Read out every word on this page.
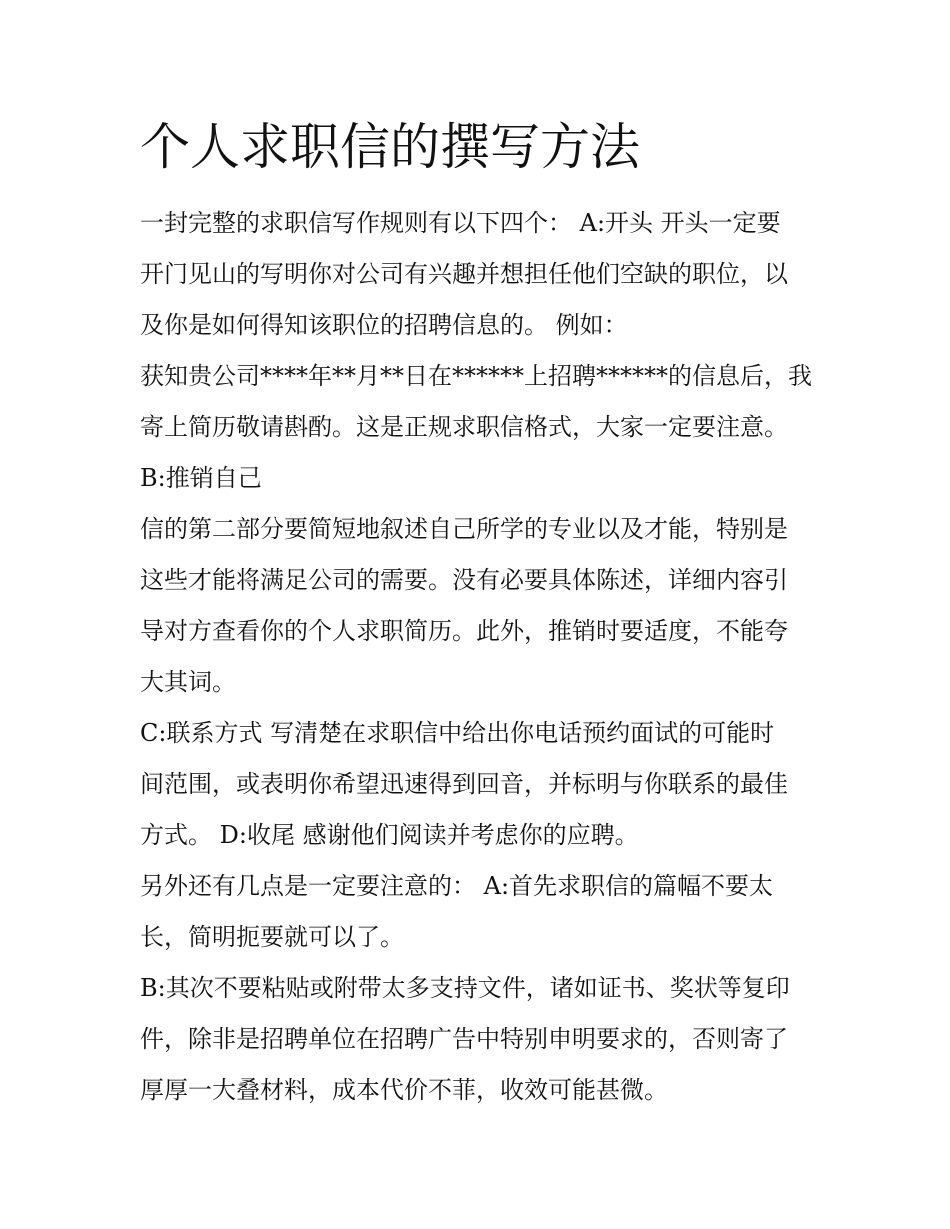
个人求职信的撰写方法
一封完整的求职信写作规则有以下四个： A:开头 开头一定要
开门见山的写明你对公司有兴趣并想担任他们空缺的职位，以
及你是如何得知该职位的招聘信息的。 例如：
获知贵公司****年**月**日在******上招聘******的信息后，我
寄上简历敬请斟酌。这是正规求职信格式，大家一定要注意。
B:推销自己
信的第二部分要简短地叙述自己所学的专业以及才能，特别是
这些才能将满足公司的需要。没有必要具体陈述，详细内容引
导对方查看你的个人求职简历。此外，推销时要适度，不能夸
大其词。
C:联系方式 写清楚在求职信中给出你电话预约面试的可能时
间范围，或表明你希望迅速得到回音，并标明与你联系的最佳
方式。 D:收尾 感谢他们阅读并考虑你的应聘。
另外还有几点是一定要注意的： A:首先求职信的篇幅不要太
长，简明扼要就可以了。
B:其次不要粘贴或附带太多支持文件，诸如证书、奖状等复印
件，除非是招聘单位在招聘广告中特别申明要求的，否则寄了
厚厚一大叠材料，成本代价不菲，收效可能甚微。
